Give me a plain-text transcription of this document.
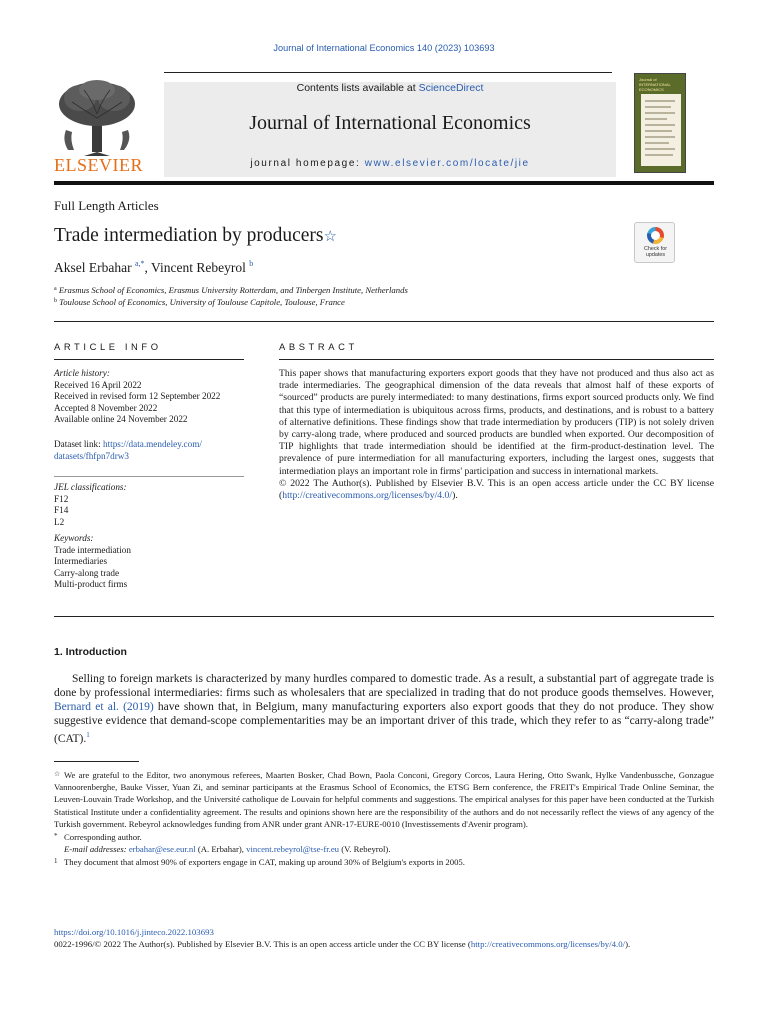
Journal of International Economics 140 (2023) 103693
ELSEVIER
Contents lists available at ScienceDirect
Journal of International Economics
journal homepage: www.elsevier.com/locate/jie
Journal of INTERNATIONAL ECONOMICS
Full Length Articles
Trade intermediation by producers☆
Aksel Erbahar $^{a,*}$, Vincent Rebeyrol $^b$
$^a$ Erasmus School of Economics, Erasmus University Rotterdam, and Tinbergen Institute, Netherlands
$^b$ Toulouse School of Economics, University of Toulouse Capitole, Toulouse, France
Check for
updates
ARTICLE INFO
Article history:
Received 16 April 2022
Received in revised form 12 September 2022
Accepted 8 November 2022
Available online 24 November 2022
Dataset link: https://data.mendeley.com/
datasets/fhfpn7drw3
JEL classifications:
F12
F14
L2
Keywords:
Trade intermediation
Intermediaries
Carry-along trade
Multi-product firms
ABSTRACT

This paper shows that manufacturing exporters export goods that they have not produced and thus also act as trade intermediaries. The geographical dimension of the data reveals that almost half of these exports of “sourced” products are purely intermediated: to many destinations, firms export sourced products only. We find that this type of intermediation is ubiquitous across firms, products, and destinations, and is robust to a battery of alternative definitions. These findings show that trade intermediation by producers (TIP) is not solely driven by carry-along trade, where produced and sourced products are bundled when exported. Our decomposition of TIP highlights that trade intermediation should be identified at the firm-product-destination level. The prevalence of pure intermediation for all manufacturing exporters, including the largest ones, suggests that intermediation plays an important role in firms' participation and success in international markets.

© 2022 The Author(s). Published by Elsevier B.V. This is an open access article under the CC BY license (http://creativecommons.org/licenses/by/4.0/).

1. Introduction
Selling to foreign markets is characterized by many hurdles compared to domestic trade. As a result, a substantial part of aggregate trade is done by professional intermediaries: firms such as wholesalers that are specialized in trading that do not produce goods themselves. However, Bernard et al. (2019) have shown that, in Belgium, many manufacturing exporters also export goods that they do not produce. They show suggestive evidence that demand-scope complementarities may be an important driver of this trade, which they refer to as “carry-along trade” (CAT).$^1$

☆ We are grateful to the Editor, two anonymous referees, Maarten Bosker, Chad Bown, Paola Conconi, Gregory Corcos, Laura Hering, Otto Swank, Hylke Vandenbussche, Gonzague Vannoorenberghe, Bauke Visser, Yuan Zi, and seminar participants at the Erasmus School of Economics, the ETSG Bern conference, the FREIT's Empirical Trade Online Seminar, the Leuven-Louvain Trade Workshop, and the Université catholique de Louvain for helpful comments and suggestions. The empirical analyses for this paper have been conducted at the Turkish Statistical Institute under a confidentiality agreement. The results and opinions shown here are the responsibility of the authors and do not necessarily reflect the views of any agency of the Turkish government. Rebeyrol acknowledges funding from ANR under grant ANR-17-EURE-0010 (Investissements d'Avenir program).

* Corresponding author.

E-mail addresses: erbahar@ese.eur.nl (A. Erbahar), vincent.rebeyrol@tse-fr.eu (V. Rebeyrol).

1 They document that almost 90% of exporters engage in CAT, making up around 30% of Belgium's exports in 2005.

https://doi.org/10.1016/j.jinteco.2022.103693
0022-1996/© 2022 The Author(s). Published by Elsevier B.V. This is an open access article under the CC BY license (http://creativecommons.org/licenses/by/4.0/).
